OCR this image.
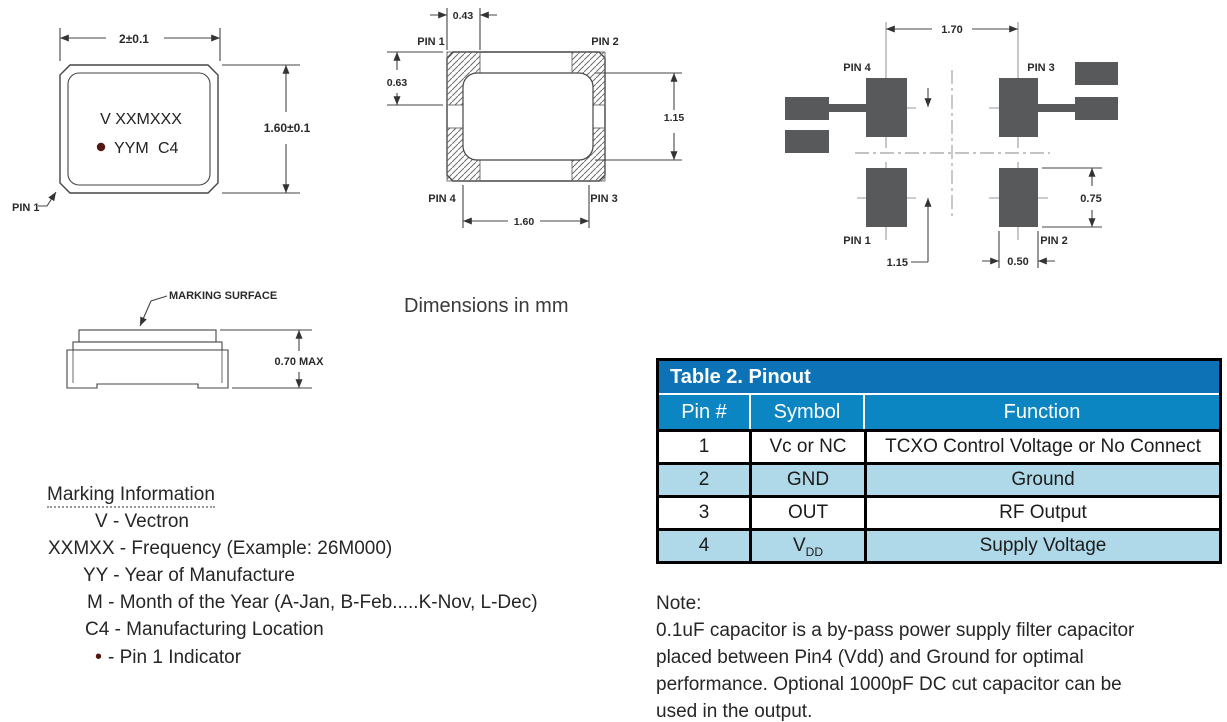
2±0.1
V XXMXXX
YYM C4
1.60±0.1
PIN 1
0.43
PIN 1	PIN 2
PIN 4	PIN 3
0.63
1.15
1.60
1.70
PIN 4	PIN 3
PIN 1	PIN 2
0.75
1.15	0.50
MARKING SURFACE
0.70 MAX
Dimensions in mm
Marking Information
V - Vectron
XXMXX - Frequency (Example: 26M000)
YY - Year of Manufacture
M - Month of the Year (A-Jan, B-Feb.....K-Nov, L-Dec)
C4 - Manufacturing Location
• - Pin 1 Indicator
Table 2. Pinout
Pin #	Symbol	Function
1	Vc or NC	TCXO Control Voltage or No Connect
2	GND	Ground
3	OUT	RF Output
4	$V_{DD}$	Supply Voltage
Note:
0.1uF capacitor is a by-pass power supply filter capacitor
placed between Pin4 (Vdd) and Ground for optimal
performance. Optional 1000pF DC cut capacitor can be
used in the output.
